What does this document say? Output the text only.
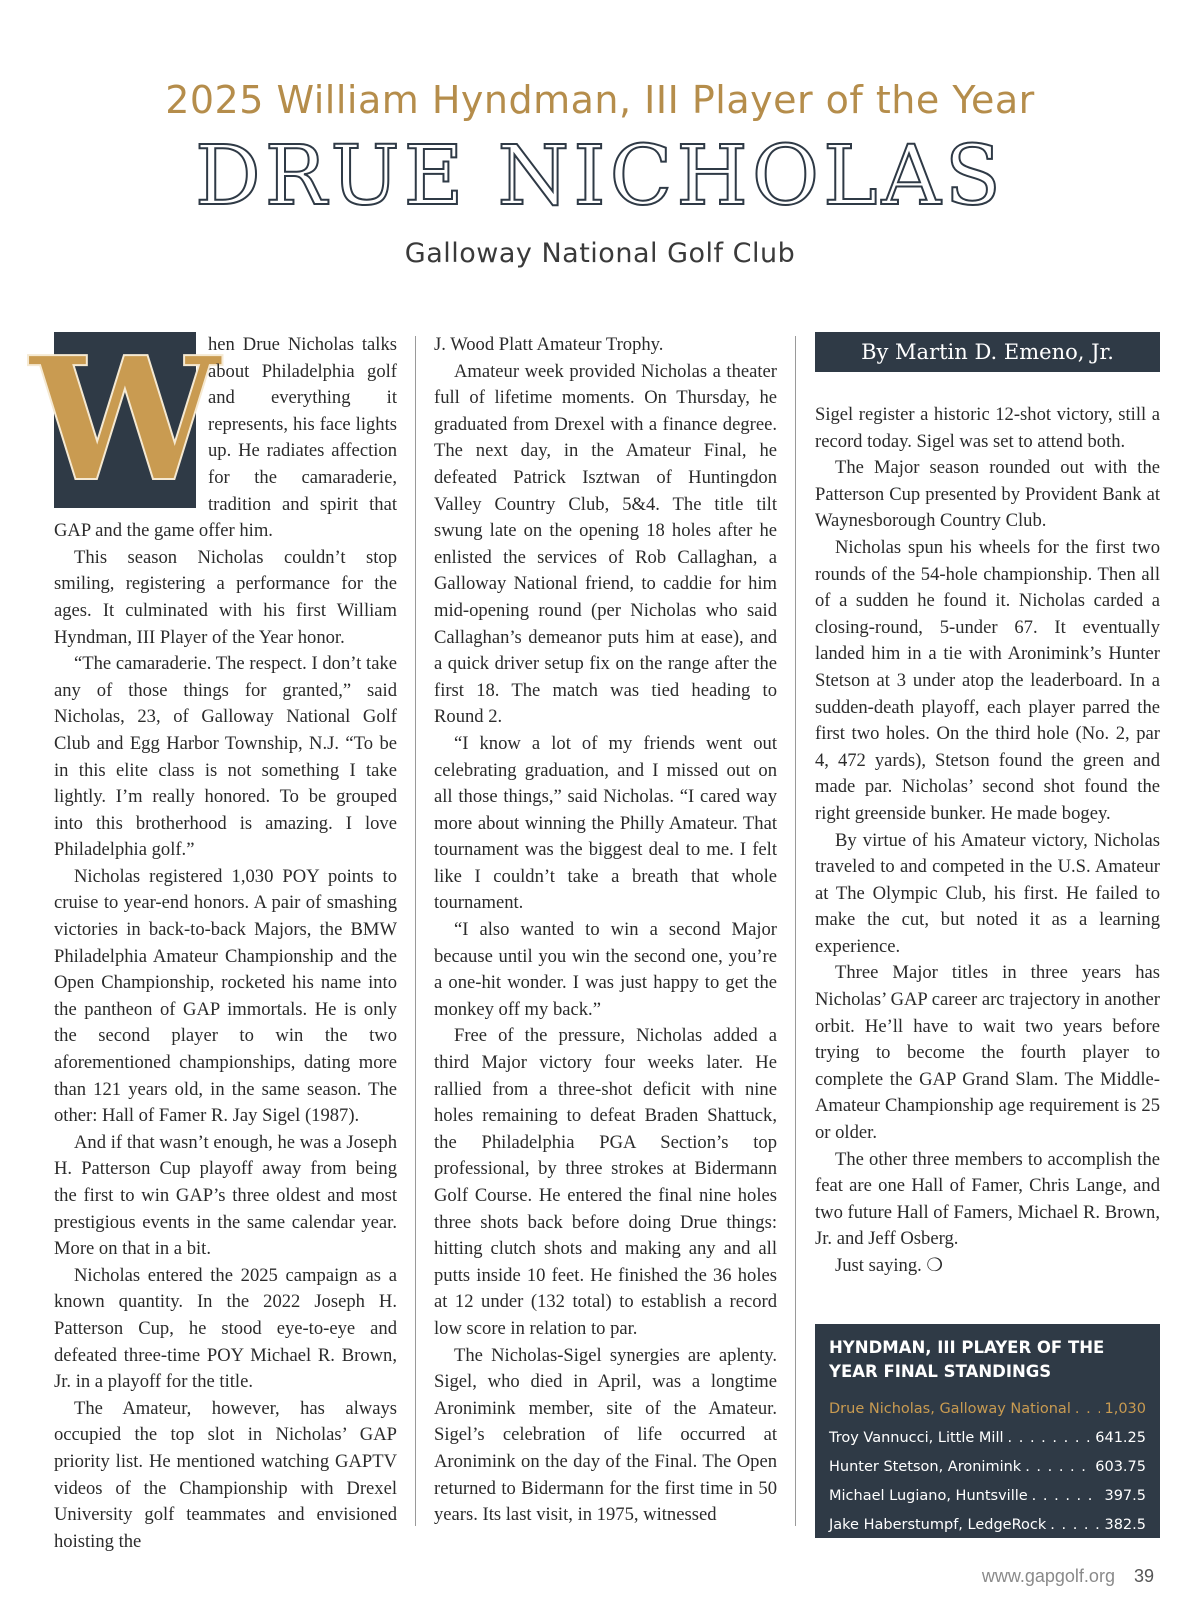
2025 William Hyndman, III Player of the Year
DRUE NICHOLAS
Galloway National Golf Club
W

hen Drue Nicholas talks about Philadelphia golf and everything it represents, his face lights up. He radiates affection for the camaraderie, tradition and spirit that GAP and the game offer him.

This season Nicholas couldn’t stop smiling, registering a performance for the ages. It culminated with his first William Hyndman, III Player of the Year honor.

“The camaraderie. The respect. I don’t take any of those things for granted,” said Nicholas, 23, of Galloway National Golf Club and Egg Harbor Township, N.J. “To be in this elite class is not something I take lightly. I’m really honored. To be grouped into this brotherhood is amazing. I love Philadelphia golf.”

Nicholas registered 1,030 POY points to cruise to year-end honors. A pair of smashing victories in back-to-back Majors, the BMW Philadelphia Amateur Championship and the Open Championship, rocketed his name into the pantheon of GAP immortals. He is only the second player to win the two aforementioned championships, dating more than 121 years old, in the same season. The other: Hall of Famer R. Jay Sigel (1987).

And if that wasn’t enough, he was a Joseph H. Patterson Cup playoff away from being the first to win GAP’s three oldest and most prestigious events in the same calendar year. More on that in a bit.

Nicholas entered the 2025 campaign as a known quantity. In the 2022 Joseph H. Patterson Cup, he stood eye-to-eye and defeated three-time POY Michael R. Brown, Jr. in a playoff for the title.

The Amateur, however, has always occupied the top slot in Nicholas’ GAP priority list. He mentioned watching GAPTV videos of the Championship with Drexel University golf teammates and envisioned hoisting the

J. Wood Platt Amateur Trophy.

Amateur week provided Nicholas a theater full of lifetime moments. On Thursday, he graduated from Drexel with a finance degree. The next day, in the Amateur Final, he defeated Patrick Isztwan of Huntingdon Valley Country Club, 5&4. The title tilt swung late on the opening 18 holes after he enlisted the services of Rob Callaghan, a Galloway National friend, to caddie for him mid-opening round (per Nicholas who said Callaghan’s demeanor puts him at ease), and a quick driver setup fix on the range after the first 18. The match was tied heading to Round 2.

“I know a lot of my friends went out celebrating graduation, and I missed out on all those things,” said Nicholas. “I cared way more about winning the Philly Amateur. That tournament was the biggest deal to me. I felt like I couldn’t take a breath that whole tournament.

“I also wanted to win a second Major because until you win the second one, you’re a one-hit wonder. I was just happy to get the monkey off my back.”

Free of the pressure, Nicholas added a third Major victory four weeks later. He rallied from a three-shot deficit with nine holes remaining to defeat Braden Shattuck, the Philadelphia PGA Section’s top professional, by three strokes at Bidermann Golf Course. He entered the final nine holes three shots back before doing Drue things: hitting clutch shots and making any and all putts inside 10 feet. He finished the 36 holes at 12 under (132 total) to establish a record low score in relation to par.

The Nicholas-Sigel synergies are aplenty. Sigel, who died in April, was a longtime Aronimink member, site of the Amateur. Sigel’s celebration of life occurred at Aronimink on the day of the Final. The Open returned to Bidermann for the first time in 50 years. Its last visit, in 1975, witnessed

By Martin D. Emeno, Jr.

Sigel register a historic 12-shot victory, still a record today. Sigel was set to attend both.

The Major season rounded out with the Patterson Cup presented by Provident Bank at Waynesborough Country Club.

Nicholas spun his wheels for the first two rounds of the 54-hole championship. Then all of a sudden he found it. Nicholas carded a closing-round, 5-under 67. It eventually landed him in a tie with Aronimink’s Hunter Stetson at 3 under atop the leaderboard. In a sudden-death playoff, each player parred the first two holes. On the third hole (No. 2, par 4, 472 yards), Stetson found the green and made par. Nicholas’ second shot found the right greenside bunker. He made bogey.

By virtue of his Amateur victory, Nicholas traveled to and competed in the U.S. Amateur at The Olympic Club, his first. He failed to make the cut, but noted it as a learning experience.

Three Major titles in three years has Nicholas’ GAP career arc trajectory in another orbit. He’ll have to wait two years before trying to become the fourth player to complete the GAP Grand Slam. The Middle-Amateur Championship age requirement is 25 or older.

The other three members to accomplish the feat are one Hall of Famer, Chris Lange, and two future Hall of Famers, Michael R. Brown, Jr. and Jeff Osberg.

Just saying. ❍

HYNDMAN, III PLAYER OF THE YEAR FINAL STANDINGS
Drue Nicholas, Galloway National . . . 1,030
Troy Vannucci, Little Mill . . .	641.25
Hunter Stetson, Aronimink . . .	603.75
Michael Lugiano, Huntsville . . .	397.5
Jake Haberstumpf, LedgeRock . . .	382.5
www.gapgolf.org 39
